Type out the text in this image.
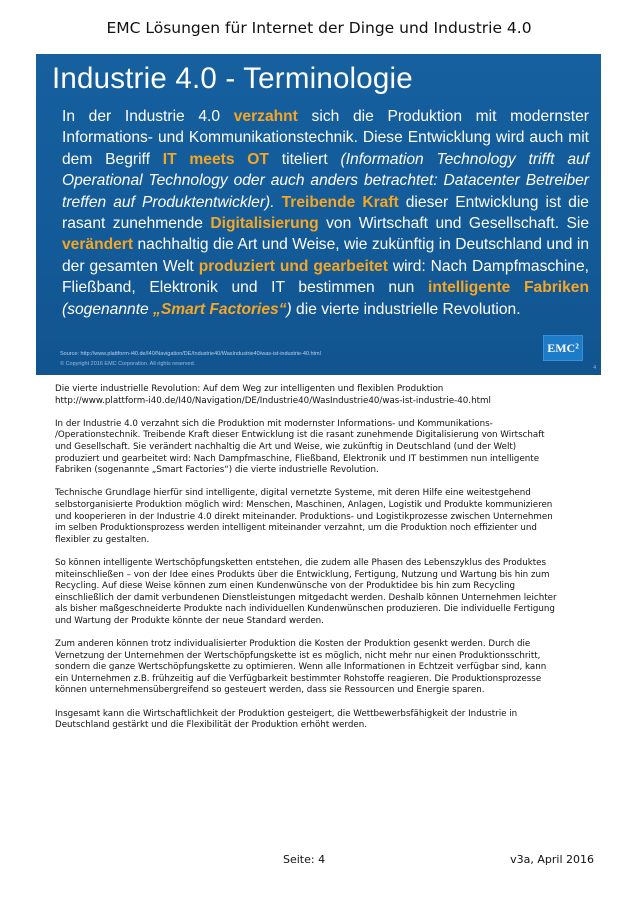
EMC Lösungen für Internet der Dinge und Industrie 4.0
Industrie 4.0 - Terminologie
In der Industrie 4.0 verzahnt sich die Produktion mit modernster Informations- und Kommunikationstechnik. Diese Entwicklung wird auch mit dem Begriff IT meets OT titeliert (Information Technology trifft auf Operational Technology oder auch anders betrachtet: Datacenter Betreiber treffen auf Produktentwickler). Treibende Kraft dieser Entwicklung ist die rasant zunehmende Digitalisierung von Wirtschaft und Gesellschaft. Sie verändert nachhaltig die Art und Weise, wie zukünftig in Deutschland und in der gesamten Welt produziert und gearbeitet wird: Nach Dampfmaschine, Fließband, Elektronik und IT bestimmen nun intelligente Fabriken (sogenannte „Smart Factories“) die vierte industrielle Revolution.
Source: http://www.plattform-i40.de/I40/Navigation/DE/Industrie40/WasIndustrie40/was-ist-industrie-40.html
© Copyright 2016 EMC Corporation. All rights reserved.
EMC²
4

Die vierte industrielle Revolution: Auf dem Weg zur intelligenten und flexiblen Produktion
http://www.plattform-i40.de/I40/Navigation/DE/Industrie40/WasIndustrie40/was-ist-industrie-40.html

In der Industrie 4.0 verzahnt sich die Produktion mit modernster Informations- und Kommunikations-
/Operationstechnik. Treibende Kraft dieser Entwicklung ist die rasant zunehmende Digitalisierung von Wirtschaft
und Gesellschaft. Sie verändert nachhaltig die Art und Weise, wie zukünftig in Deutschland (und der Welt)
produziert und gearbeitet wird: Nach Dampfmaschine, Fließband, Elektronik und IT bestimmen nun intelligente
Fabriken (sogenannte „Smart Factories“) die vierte industrielle Revolution.

Technische Grundlage hierfür sind intelligente, digital vernetzte Systeme, mit deren Hilfe eine weitestgehend
selbstorganisierte Produktion möglich wird: Menschen, Maschinen, Anlagen, Logistik und Produkte kommunizieren
und kooperieren in der Industrie 4.0 direkt miteinander. Produktions- und Logistikprozesse zwischen Unternehmen
im selben Produktionsprozess werden intelligent miteinander verzahnt, um die Produktion noch effizienter und
flexibler zu gestalten.

So können intelligente Wertschöpfungsketten entstehen, die zudem alle Phasen des Lebenszyklus des Produktes
miteinschließen – von der Idee eines Produkts über die Entwicklung, Fertigung, Nutzung und Wartung bis hin zum
Recycling. Auf diese Weise können zum einen Kundenwünsche von der Produktidee bis hin zum Recycling
einschließlich der damit verbundenen Dienstleistungen mitgedacht werden. Deshalb können Unternehmen leichter
als bisher maßgeschneiderte Produkte nach individuellen Kundenwünschen produzieren. Die individuelle Fertigung
und Wartung der Produkte könnte der neue Standard werden.

Zum anderen können trotz individualisierter Produktion die Kosten der Produktion gesenkt werden. Durch die
Vernetzung der Unternehmen der Wertschöpfungskette ist es möglich, nicht mehr nur einen Produktionsschritt,
sondern die ganze Wertschöpfungskette zu optimieren. Wenn alle Informationen in Echtzeit verfügbar sind, kann
ein Unternehmen z.B. frühzeitig auf die Verfügbarkeit bestimmter Rohstoffe reagieren. Die Produktionsprozesse
können unternehmensübergreifend so gesteuert werden, dass sie Ressourcen und Energie sparen.

Insgesamt kann die Wirtschaftlichkeit der Produktion gesteigert, die Wettbewerbsfähigkeit der Industrie in
Deutschland gestärkt und die Flexibilität der Produktion erhöht werden.

Seite: 4	v3a, April 2016
